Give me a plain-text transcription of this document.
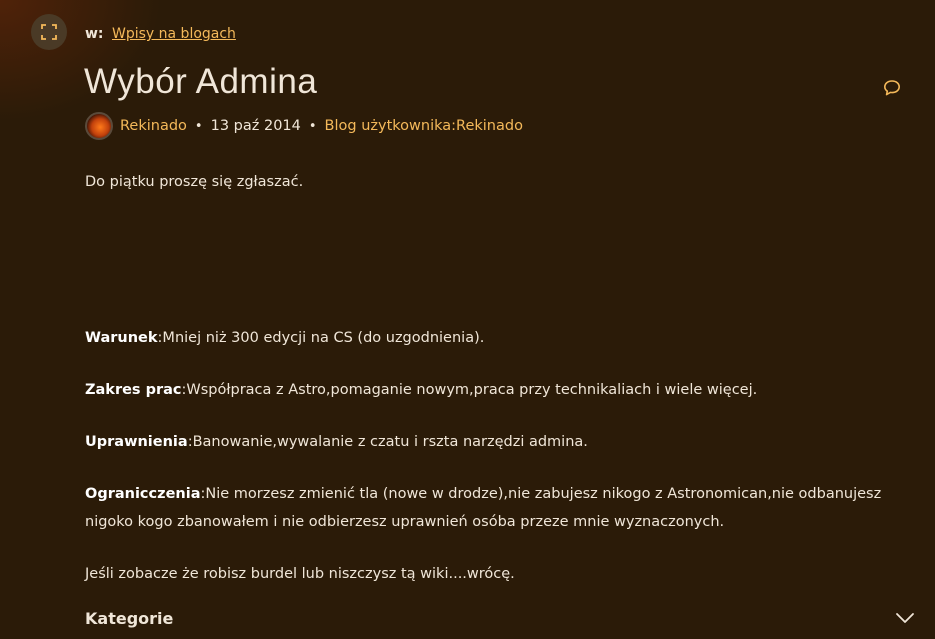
w: Wpisy na blogach
Wybór Admina
Rekinado • 13 paź 2014 • Blog użytkownika:Rekinado

Do piątku proszę się zgłaszać.

Warunek:Mniej niż 300 edycji na CS (do uzgodnienia).

Zakres prac:Współpraca z Astro,pomaganie nowym,praca przy technikaliach i wiele więcej.

Uprawnienia:Banowanie,wywalanie z czatu i rszta narzędzi admina.

Ogranicczenia:Nie morzesz zmienić tla (nowe w drodze),nie zabujesz nikogo z Astronomican,nie odbanujesz nigoko kogo zbanowałem i nie odbierzesz uprawnień osóba przeze mnie wyznaczonych.

Jeśli zobacze że robisz burdel lub niszczysz tą wiki....wrócę.

Kategorie
